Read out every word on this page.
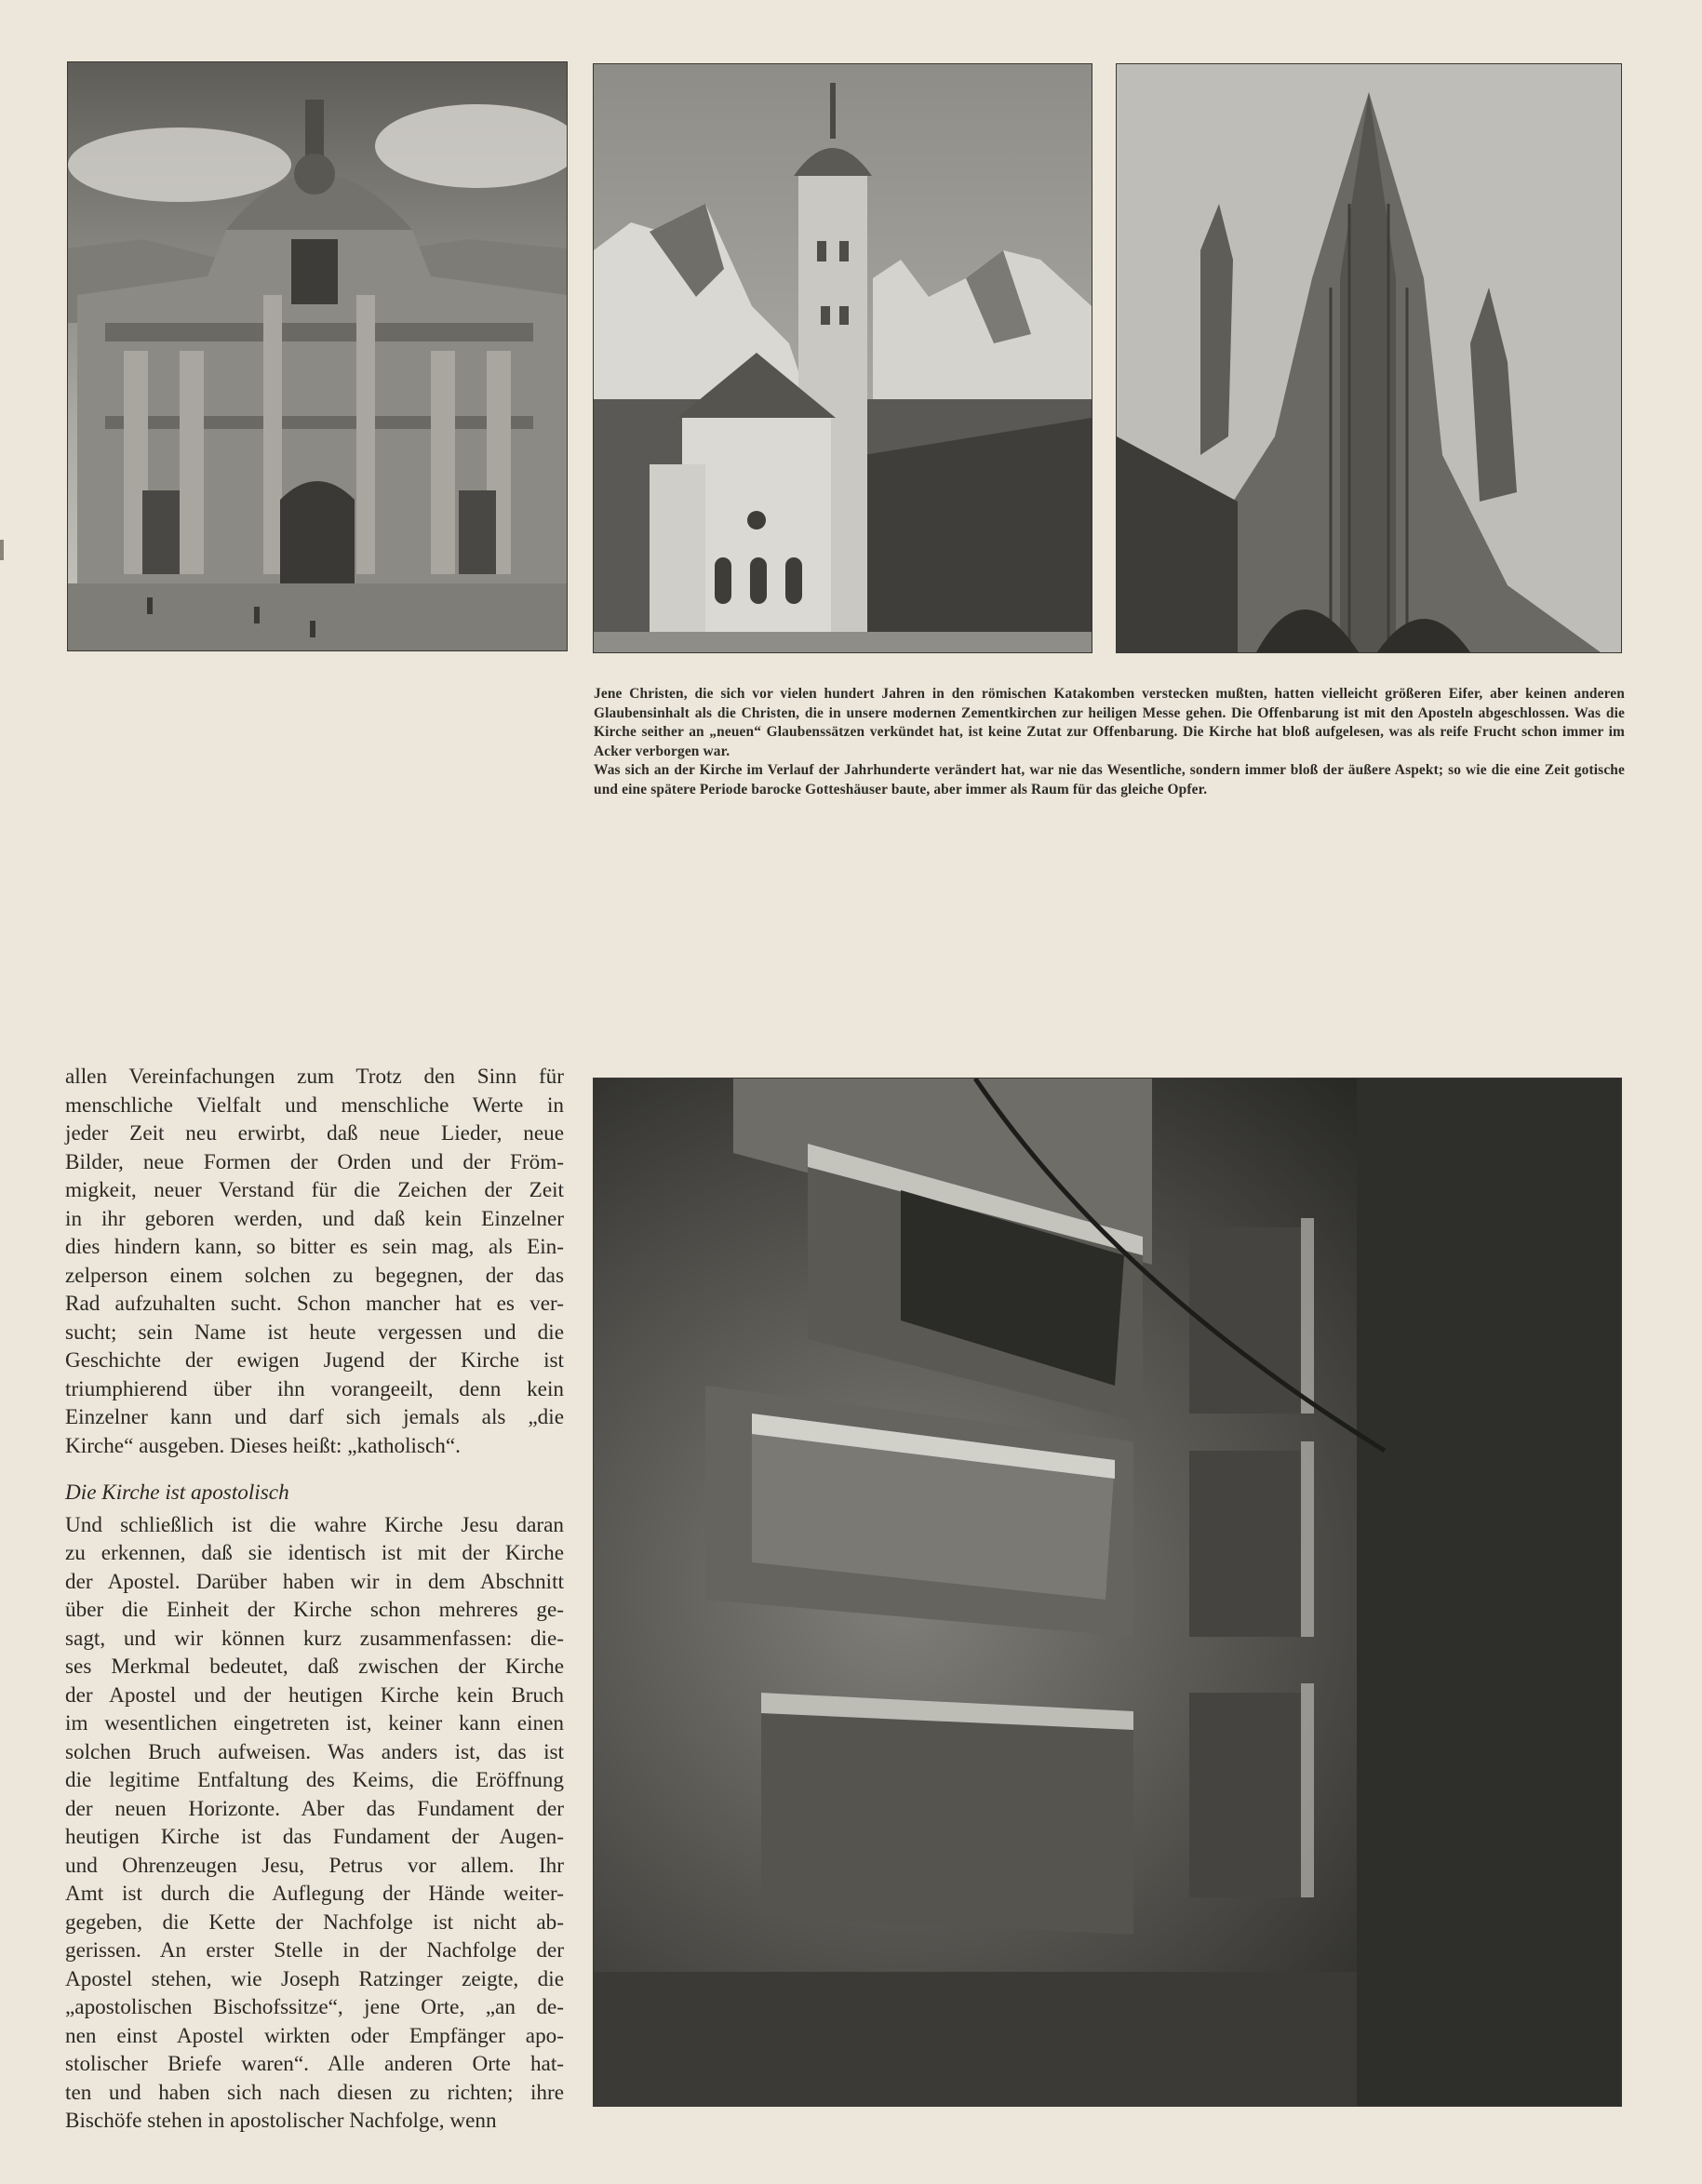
Jene Christen, die sich vor vielen hundert Jahren in den römischen Katakomben verstecken mußten, hatten vielleicht größeren Eifer, aber keinen anderen Glaubensinhalt als die Christen, die in unsere modernen Zementkirchen zur heiligen Messe gehen. Die Offenbarung ist mit den Aposteln abgeschlossen. Was die Kirche seither an „neuen“ Glaubenssätzen verkündet hat, ist keine Zutat zur Offenbarung. Die Kirche hat bloß aufgelesen, was als reife Frucht schon immer im Acker verborgen war.

Was sich an der Kirche im Verlauf der Jahrhunderte verändert hat, war nie das Wesentliche, sondern immer bloß der äußere Aspekt; so wie die eine Zeit gotische und eine spätere Periode barocke Gotteshäuser baute, aber immer als Raum für das gleiche Opfer.

allen Vereinfachungen zum Trotz den Sinn für
menschliche Vielfalt und menschliche Werte in
jeder Zeit neu erwirbt, daß neue Lieder, neue
Bilder, neue Formen der Orden und der Fröm-
migkeit, neuer Verstand für die Zeichen der Zeit
in ihr geboren werden, und daß kein Einzelner
dies hindern kann, so bitter es sein mag, als Ein-
zelperson einem solchen zu begegnen, der das
Rad aufzuhalten sucht. Schon mancher hat es ver-
sucht; sein Name ist heute vergessen und die
Geschichte der ewigen Jugend der Kirche ist
triumphierend über ihn vorangeeilt, denn kein
Einzelner kann und darf sich jemals als „die
Kirche“ ausgeben. Dieses heißt: „katholisch“.

Die Kirche ist apostolisch

Und schließlich ist die wahre Kirche Jesu daran
zu erkennen, daß sie identisch ist mit der Kirche
der Apostel. Darüber haben wir in dem Abschnitt
über die Einheit der Kirche schon mehreres ge-
sagt, und wir können kurz zusammenfassen: die-
ses Merkmal bedeutet, daß zwischen der Kirche
der Apostel und der heutigen Kirche kein Bruch
im wesentlichen eingetreten ist, keiner kann einen
solchen Bruch aufweisen. Was anders ist, das ist
die legitime Entfaltung des Keims, die Eröffnung
der neuen Horizonte. Aber das Fundament der
heutigen Kirche ist das Fundament der Augen-
und Ohrenzeugen Jesu, Petrus vor allem. Ihr
Amt ist durch die Auflegung der Hände weiter-
gegeben, die Kette der Nachfolge ist nicht ab-
gerissen. An erster Stelle in der Nachfolge der
Apostel stehen, wie Joseph Ratzinger zeigte, die
„apostolischen Bischofssitze“, jene Orte, „an de-
nen einst Apostel wirkten oder Empfänger apo-
stolischer Briefe waren“. Alle anderen Orte hat-
ten und haben sich nach diesen zu richten; ihre
Bischöfe stehen in apostolischer Nachfolge, wenn
